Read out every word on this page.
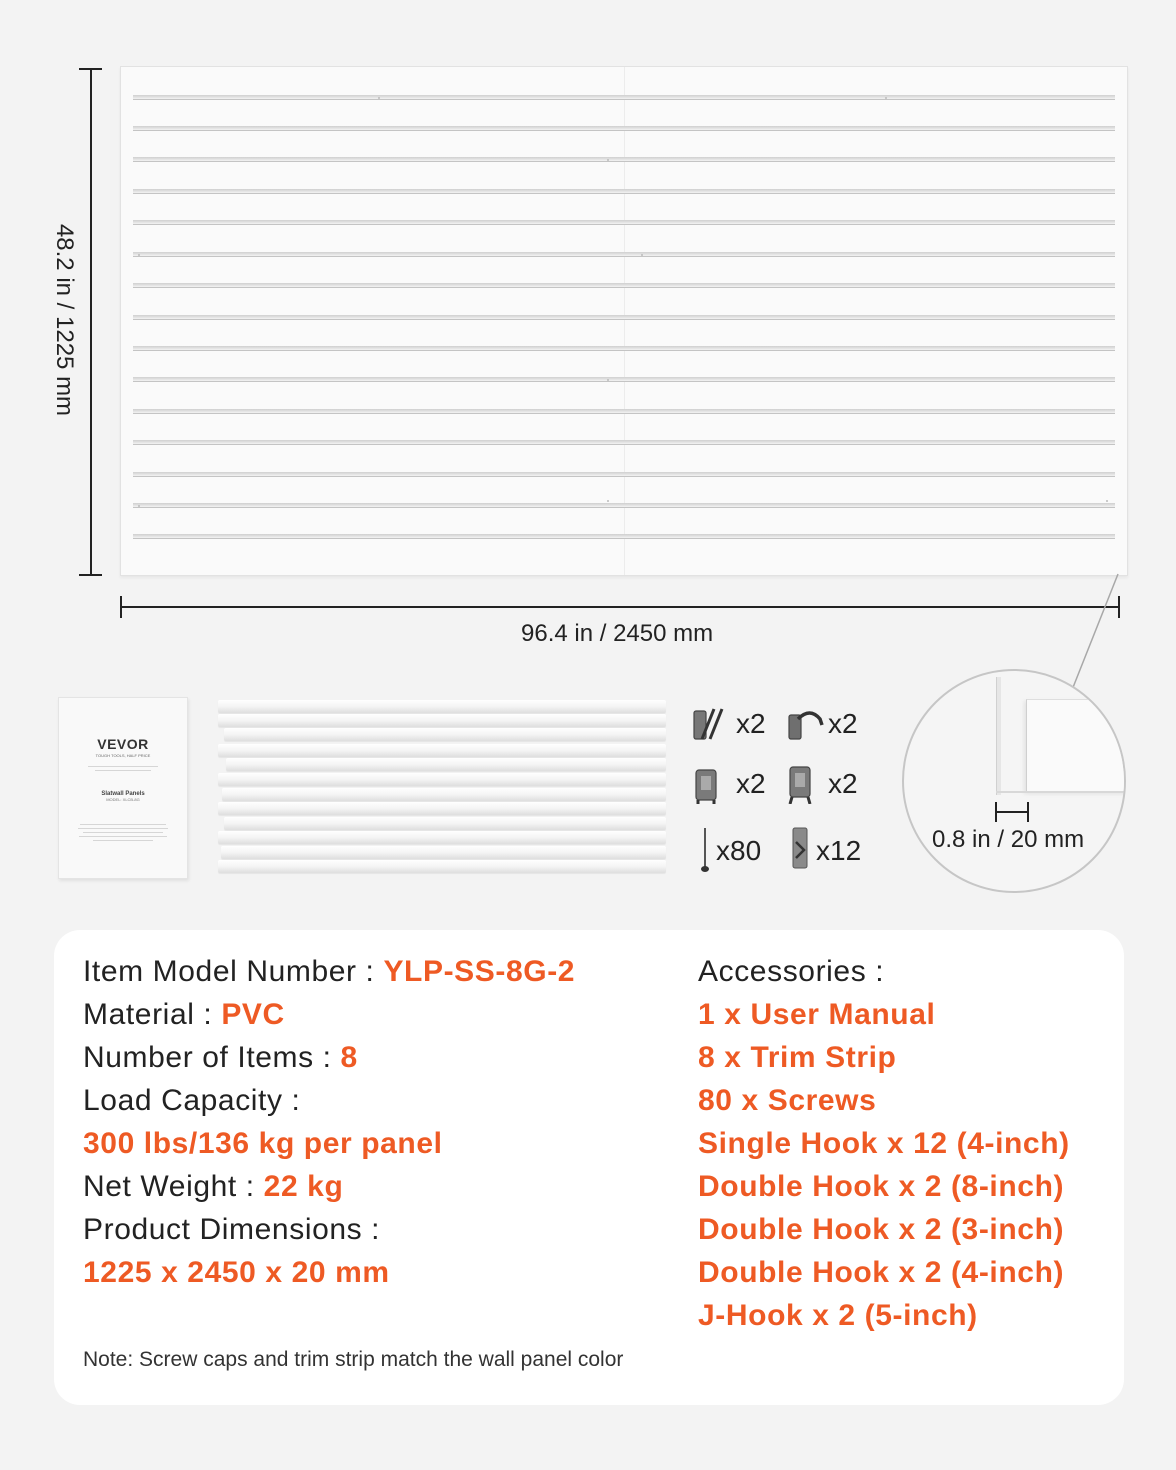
48.2 in / 1225 mm
96.4 in / 2450 mm
VEVOR
TOUGH TOOLS, HALF PRICE
Slatwall Panels
MODEL: XLCB-8G
x2 x2
x2 x2
x80 x12	0.8 in / 20 mm
Item Model Number : YLP-SS-8G-2
Material : PVC
Number of Items : 8
Load Capacity :
300 lbs/136 kg per panel
Net Weight : 22 kg
Product Dimensions :
1225 x 2450 x 20 mm
Accessories :
1 x User Manual
8 x Trim Strip
80 x Screws
Single Hook x 12 (4-inch)
Double Hook x 2 (8-inch)
Double Hook x 2 (3-inch)
Double Hook x 2 (4-inch)
J-Hook x 2 (5-inch)
Note: Screw caps and trim strip match the wall panel color
